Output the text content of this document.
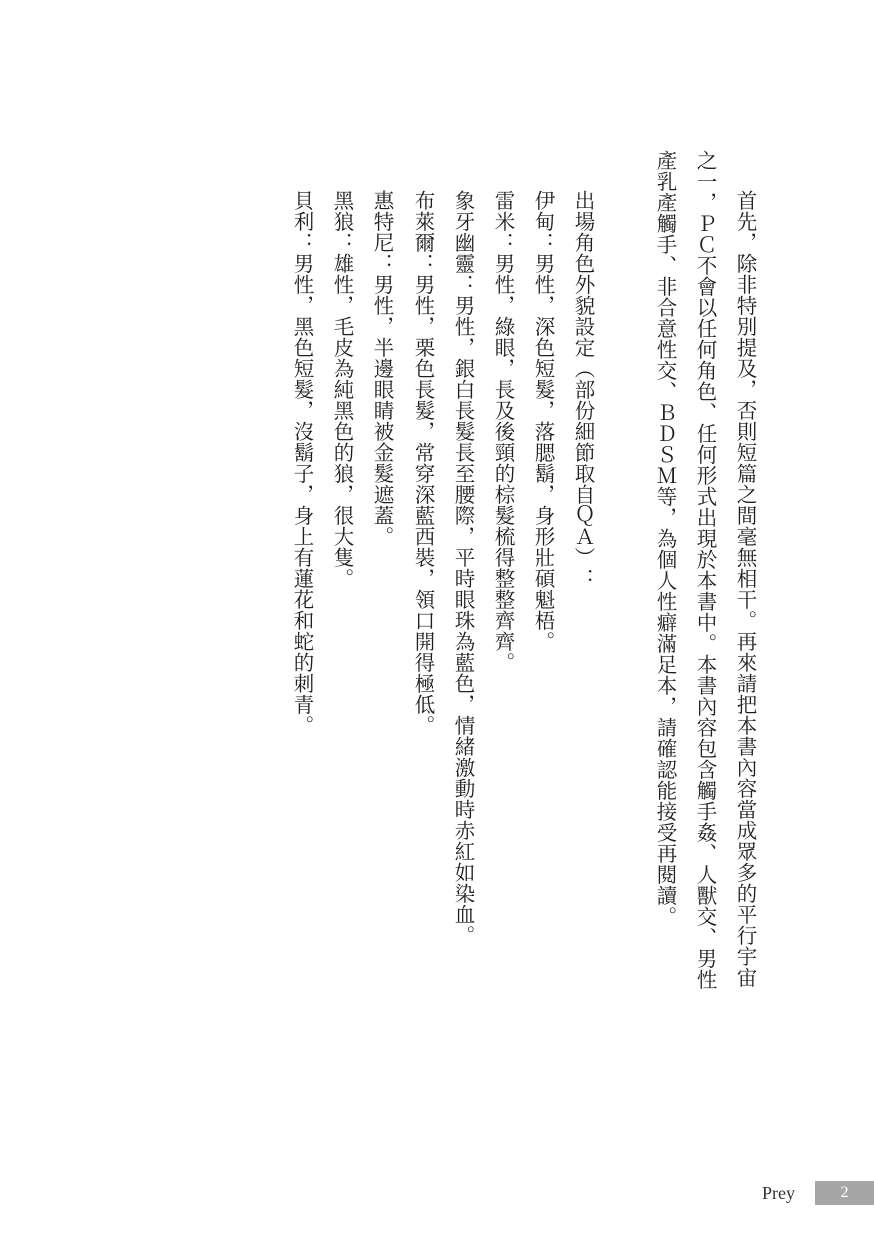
首先，除非特別提及，否則短篇之間毫無相干。再來請把本書內容當成眾多的平行宇宙
之一，ＰＣ不會以任何角色、任何形式出現於本書中。本書內容包含觸手姦、人獸交、男性
產乳產觸手、非合意性交、ＢＤＳＭ等，為個人性癖滿足本，請確認能接受再閱讀。
出場角色外貌設定（部份細節取自ＱＡ）：
伊甸：男性，深色短髮，落腮鬍，身形壯碩魁梧。
雷米：男性，綠眼，長及後頸的棕髮梳得整整齊齊。
象牙幽靈：男性，銀白長髮長至腰際，平時眼珠為藍色，情緒激動時赤紅如染血。
布萊爾：男性，栗色長髮，常穿深藍西裝，領口開得極低。
惠特尼：男性，半邊眼睛被金髮遮蓋。
黑狼：雄性，毛皮為純黑色的狼，很大隻。
貝利：男性，黑色短髮，沒鬍子，身上有蓮花和蛇的刺青。
Prey	2
